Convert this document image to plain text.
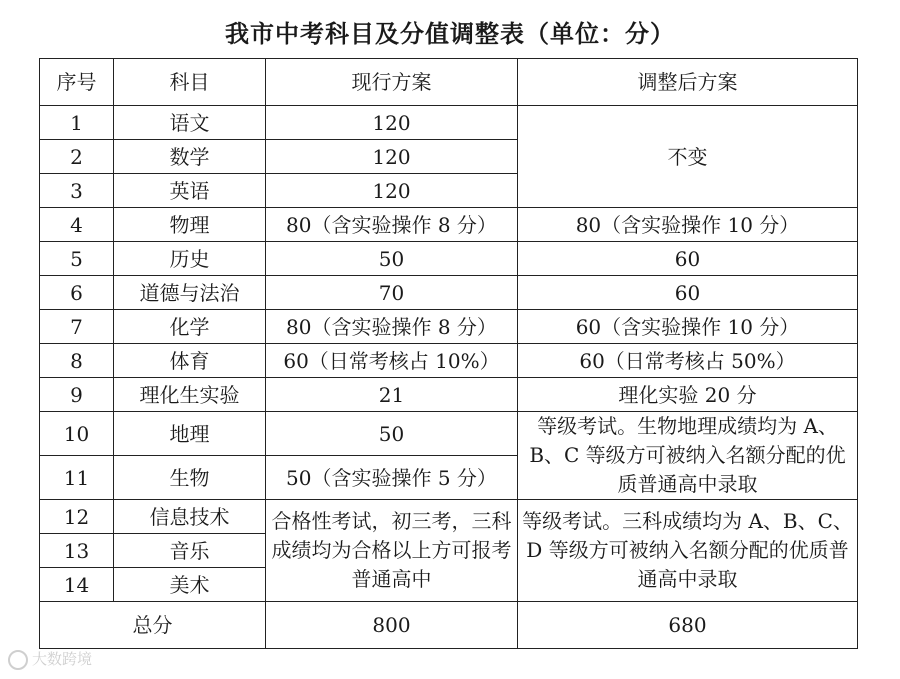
我市中考科目及分值调整表（单位：分）
序号	科目	现行方案	调整后方案
1	语文	120	不变
2	数学	120	
3	英语	120	
4	物理	80（含实验操作 8 分）	80（含实验操作 10 分）
5	历史	50	60
6	道德与法治	70	60
7	化学	80（含实验操作 8 分）	60（含实验操作 10 分）
8	体育	60（日常考核占 10%）	60（日常考核占 50%）
9	理化生实验	21	理化实验 20 分
10	地理	50	等级考试。生物地理成绩均为 A、B、C 等级方可被纳入名额分配的优质普通高中录取
11	生物	50（含实验操作 5 分）	
12	信息技术	合格性考试，初三考，三科成绩均为合格以上方可报考普通高中	等级考试。三科成绩均为 A、B、C、D 等级方可被纳入名额分配的优质普通高中录取
13	音乐		
14	美术		
总分		800	680
大数跨境
